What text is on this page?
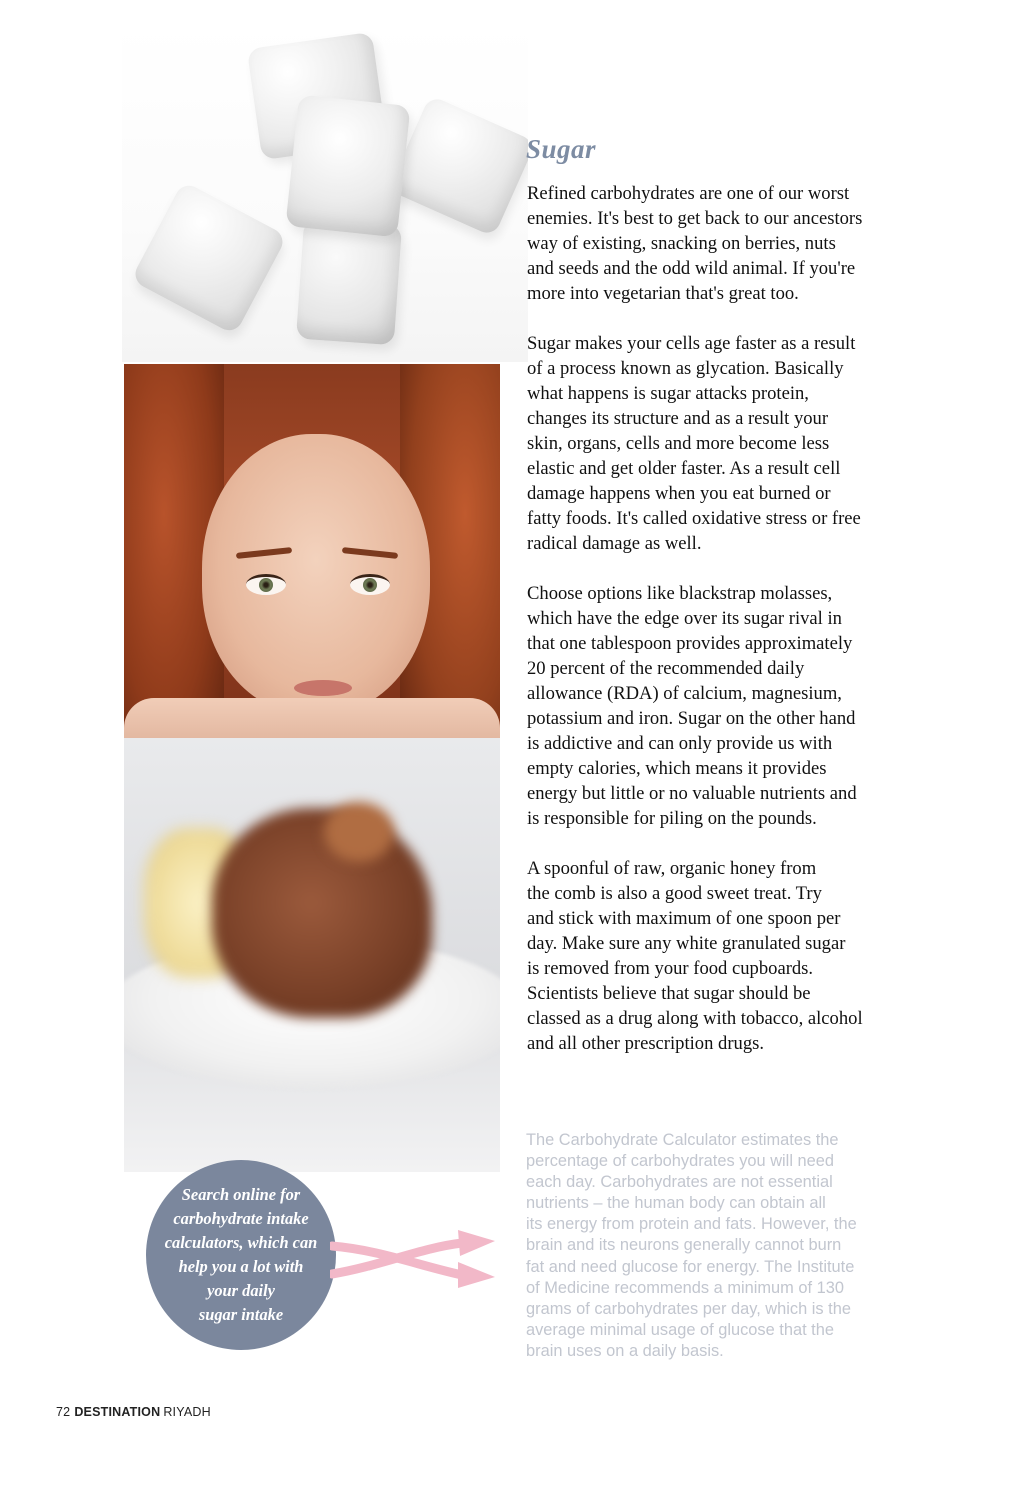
Sugar
Refined carbohydrates are one of our worst
enemies. It's best to get back to our ancestors
way of existing, snacking on berries, nuts
and seeds and the odd wild animal. If you're
more into vegetarian that's great too.
Sugar makes your cells age faster as a result
of a process known as glycation. Basically
what happens is sugar attacks protein,
changes its structure and as a result your
skin, organs, cells and more become less
elastic and get older faster. As a result cell
damage happens when you eat burned or
fatty foods. It's called oxidative stress or free
radical damage as well.
Choose options like blackstrap molasses,
which have the edge over its sugar rival in
that one tablespoon provides approximately
20 percent of the recommended daily
allowance (RDA) of calcium, magnesium,
potassium and iron. Sugar on the other hand
is addictive and can only provide us with
empty calories, which means it provides
energy but little or no valuable nutrients and
is responsible for piling on the pounds.
A spoonful of raw, organic honey from
the comb is also a good sweet treat. Try
and stick with maximum of one spoon per
day. Make sure any white granulated sugar
is removed from your food cupboards.
Scientists believe that sugar should be
classed as a drug along with tobacco, alcohol
and all other prescription drugs.
The Carbohydrate Calculator estimates the
percentage of carbohydrates you will need
each day. Carbohydrates are not essential
nutrients – the human body can obtain all
its energy from protein and fats. However, the
brain and its neurons generally cannot burn
fat and need glucose for energy. The Institute
of Medicine recommends a minimum of 130
grams of carbohydrates per day, which is the
average minimal usage of glucose that the
brain uses on a daily basis.
Search online for
carbohydrate intake
calculators, which can
help you a lot with
your daily
sugar intake
72 DESTINATION RIYADH
